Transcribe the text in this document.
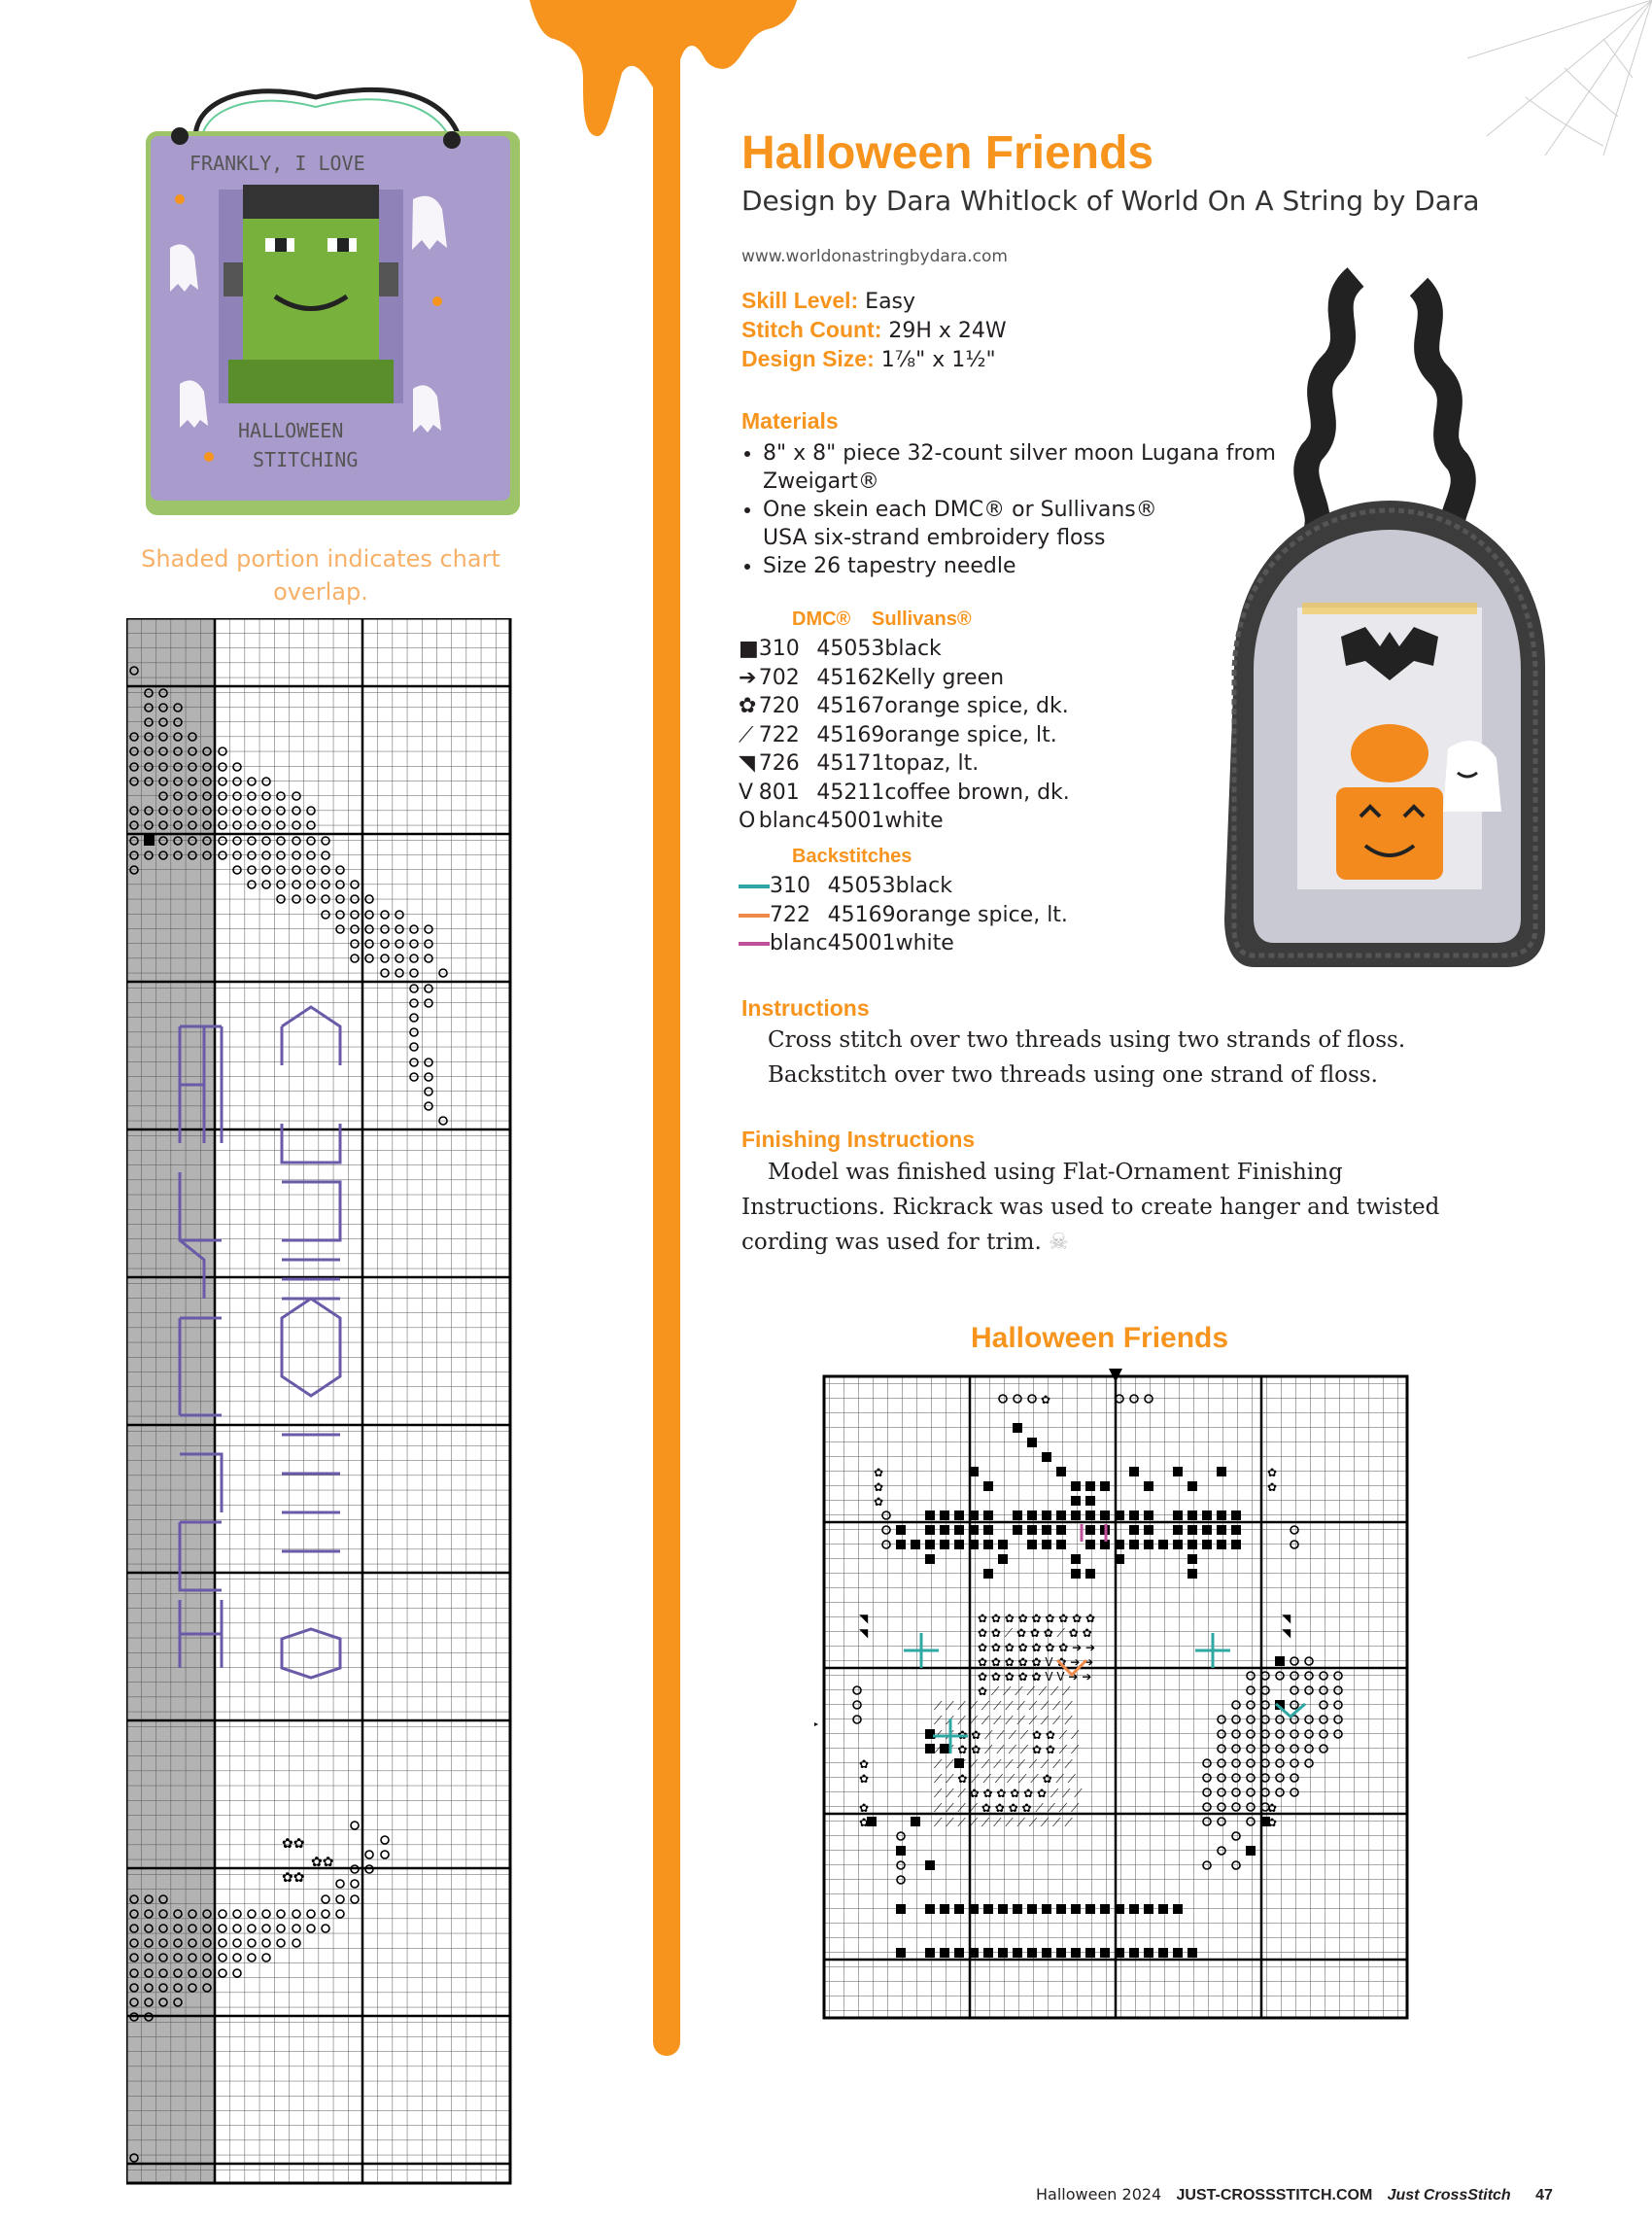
FRANKLY, I LOVE
HALLOWEEN
STITCHING
Shaded portion indicates chart overlap.
✿✿
✿✿
✿✿
Halloween Friends
Design by Dara Whitlock of World On A String by Dara
www.worldonastringbydara.com
Skill Level: Easy
Stitch Count: 29H x 24W
Design Size: 1⅞" x 1½"
Materials
• 8" x 8" piece 32-count silver moon Lugana from Zweigart®
• One skein each DMC® or Sullivans® USA six-strand embroidery floss
• Size 26 tapestry needle
DMC® Sullivans®
■	310	45053	black
➔	702	45162	Kelly green
✿	720	45167	orange spice, dk.
⟋	722	45169	orange spice, lt.
◥	726	45171	topaz, lt.
V	801	45211	coffee brown, dk.
O	blanc	45001	white
Backstitches
	310	45053	black
	722	45169	orange spice, lt.
	blanc	45001	white
Instructions
Cross stitch over two threads using two strands of floss.
Backstitch over two threads using one strand of floss.
Finishing Instructions
Model was finished using Flat-Ornament Finishing Instructions. Rickrack was used to create hanger and twisted cording was used for trim. ☠
Halloween Friends
✿
✿
✿
✿
✿
✿
✿ ✿ ✿ ✿ ✿ ✿ ✿ ✿ ✿
✿ ✿ ⟋ ✿ ✿ ✿ ⟋ ✿ ✿
✿ ✿ ✿ ✿ ✿ ✿ ✿ ➔ ➔
✿ ✿ ✿ ✿ ✿ V ✿ ➔ ➔
✿ ✿ ✿ ✿ ✿ V V ➔ ➔
✿ ⟋ ⟋ ⟋ ⟋ ⟋ ⟋ ⟋
⟋ ⟋ ⟋ ⟋ ⟋ ⟋ ⟋ ⟋ ⟋ ⟋ ⟋ ⟋
⟋ ⟋ ⟋ ⟋ ⟋ ⟋ ⟋ ⟋ ⟋ ⟋ ⟋ ⟋
⟋ ⟋ ✿ ✿ ⟋ ⟋ ⟋ ⟋ ✿ ✿ ⟋ ⟋
⟋ ⟋ ✿ ✿ ⟋ ⟋ ⟋ ⟋ ✿ ✿ ⟋ ⟋
⟋ ⟋ ⟋ ⟋ ⟋ ⟋ ⟋ ⟋ ⟋ ⟋ ⟋ ⟋
⟋ ⟋ ✿ ⟋ ⟋ ⟋ ⟋ ⟋ ⟋ ✿ ⟋ ⟋
⟋ ⟋ ⟋ ✿ ✿ ✿ ✿ ✿ ✿ ⟋ ⟋ ⟋
⟋ ⟋ ⟋ ⟋ ✿ ✿ ✿ ✿ ⟋ ⟋ ⟋ ⟋
⟋ ⟋ ⟋ ⟋ ⟋ ⟋ ⟋ ⟋ ⟋ ⟋ ⟋ ⟋
✿
✿
✿
✿
✿
✿
◥
◥
◥
◥
Halloween 2024 JUST-CROSSSTITCH.COM Just CrossStitch 47
